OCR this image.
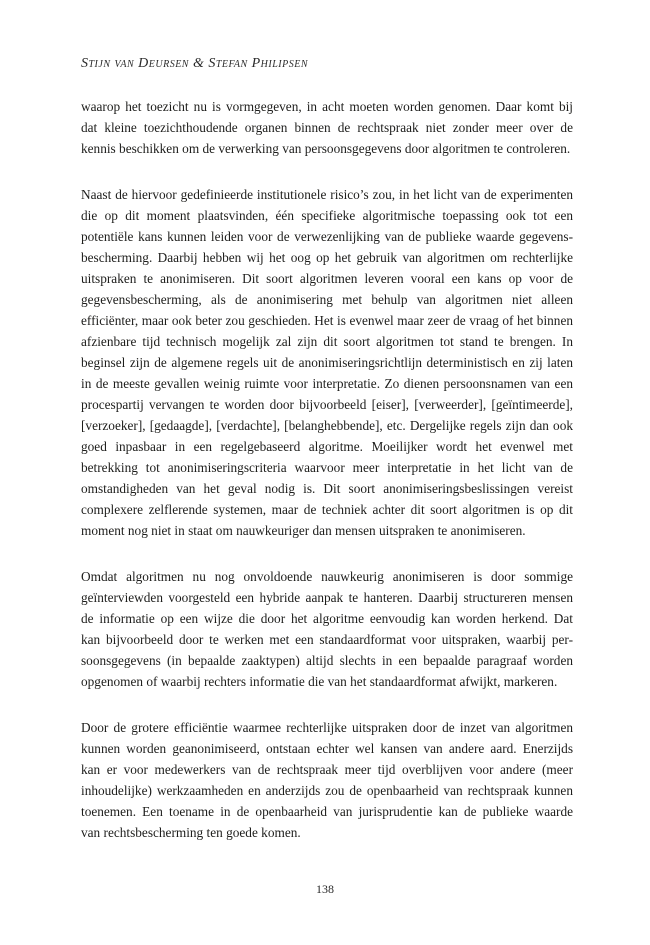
Stijn van Deursen & Stefan Philipsen

waarop het toezicht nu is vormgegeven, in acht moeten worden genomen. Daar komt bij
dat kleine toezichthoudende organen binnen de rechtspraak niet zonder meer over de
kennis beschikken om de verwerking van persoonsgegevens door algoritmen te controleren.

Naast de hiervoor gedefinieerde institutionele risico’s zou, in het licht van de experimenten
die op dit moment plaatsvinden, één specifieke algoritmische toepassing ook tot een
potentiële kans kunnen leiden voor de verwezenlijking van de publieke waarde gegevens-
bescherming. Daarbij hebben wij het oog op het gebruik van algoritmen om rechterlijke
uitspraken te anonimiseren. Dit soort algoritmen leveren vooral een kans op voor de
gegevensbescherming, als de anonimisering met behulp van algoritmen niet alleen
efficiënter, maar ook beter zou geschieden. Het is evenwel maar zeer de vraag of het binnen
afzienbare tijd technisch mogelijk zal zijn dit soort algoritmen tot stand te brengen. In
beginsel zijn de algemene regels uit de anonimiseringsrichtlijn deterministisch en zij laten
in de meeste gevallen weinig ruimte voor interpretatie. Zo dienen persoonsnamen van een
procespartij vervangen te worden door bijvoorbeeld [eiser], [verweerder], [geïntimeerde],
[verzoeker], [gedaagde], [verdachte], [belanghebbende], etc. Dergelijke regels zijn dan ook
goed inpasbaar in een regelgebaseerd algoritme. Moeilijker wordt het evenwel met
betrekking tot anonimiseringscriteria waarvoor meer interpretatie in het licht van de
omstandigheden van het geval nodig is. Dit soort anonimiseringsbeslissingen vereist
complexere zelflerende systemen, maar de techniek achter dit soort algoritmen is op dit
moment nog niet in staat om nauwkeuriger dan mensen uitspraken te anonimiseren.

Omdat algoritmen nu nog onvoldoende nauwkeurig anonimiseren is door sommige
geïnterviewden voorgesteld een hybride aanpak te hanteren. Daarbij structureren mensen
de informatie op een wijze die door het algoritme eenvoudig kan worden herkend. Dat
kan bijvoorbeeld door te werken met een standaardformat voor uitspraken, waarbij per-
soonsgegevens (in bepaalde zaaktypen) altijd slechts in een bepaalde paragraaf worden
opgenomen of waarbij rechters informatie die van het standaardformat afwijkt, markeren.

Door de grotere efficiëntie waarmee rechterlijke uitspraken door de inzet van algoritmen
kunnen worden geanonimiseerd, ontstaan echter wel kansen van andere aard. Enerzijds
kan er voor medewerkers van de rechtspraak meer tijd overblijven voor andere (meer
inhoudelijke) werkzaamheden en anderzijds zou de openbaarheid van rechtspraak kunnen
toenemen. Een toename in de openbaarheid van jurisprudentie kan de publieke waarde
van rechtsbescherming ten goede komen.

138
